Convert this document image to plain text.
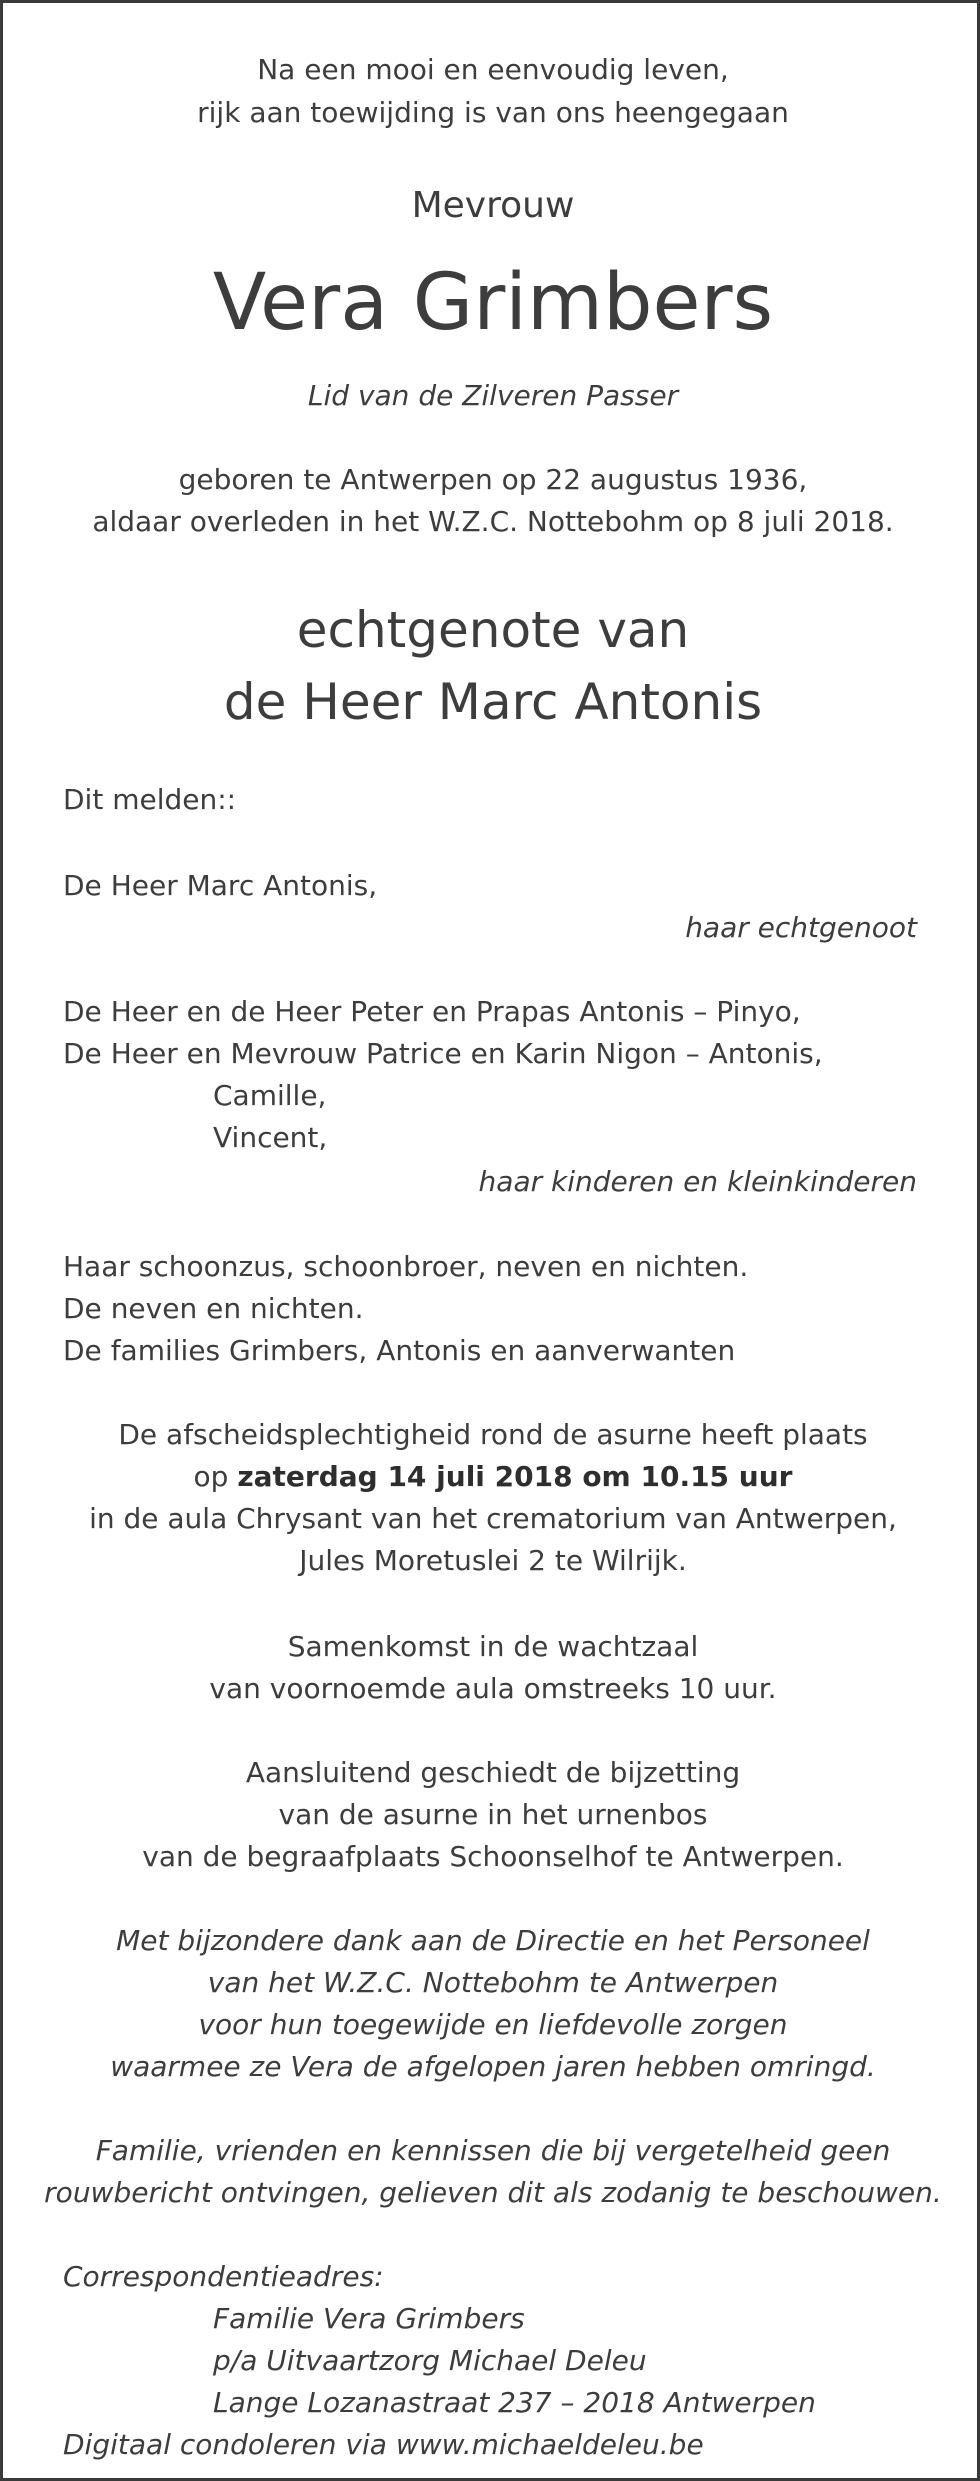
Na een mooi en eenvoudig leven,
rijk aan toewijding is van ons heengegaan
Mevrouw
Vera Grimbers
Lid van de Zilveren Passer
geboren te Antwerpen op 22 augustus 1936,
aldaar overleden in het W.Z.C. Nottebohm op 8 juli 2018.
echtgenote van
de Heer Marc Antonis
Dit melden::
De Heer Marc Antonis,
haar echtgenoot
De Heer en de Heer Peter en Prapas Antonis – Pinyo,
De Heer en Mevrouw Patrice en Karin Nigon – Antonis,
Camille,
Vincent,
haar kinderen en kleinkinderen
Haar schoonzus, schoonbroer, neven en nichten.
De neven en nichten.
De families Grimbers, Antonis en aanverwanten
De afscheidsplechtigheid rond de asurne heeft plaats
op zaterdag 14 juli 2018 om 10.15 uur
in de aula Chrysant van het crematorium van Antwerpen,
Jules Moretuslei 2 te Wilrijk.
Samenkomst in de wachtzaal
van voornoemde aula omstreeks 10 uur.
Aansluitend geschiedt de bijzetting
van de asurne in het urnenbos
van de begraafplaats Schoonselhof te Antwerpen.
Met bijzondere dank aan de Directie en het Personeel
van het W.Z.C. Nottebohm te Antwerpen
voor hun toegewijde en liefdevolle zorgen
waarmee ze Vera de afgelopen jaren hebben omringd.
Familie, vrienden en kennissen die bij vergetelheid geen
rouwbericht ontvingen, gelieven dit als zodanig te beschouwen.
Correspondentieadres:
Familie Vera Grimbers
p/a Uitvaartzorg Michael Deleu
Lange Lozanastraat 237 – 2018 Antwerpen
Digitaal condoleren via www.michaeldeleu.be
